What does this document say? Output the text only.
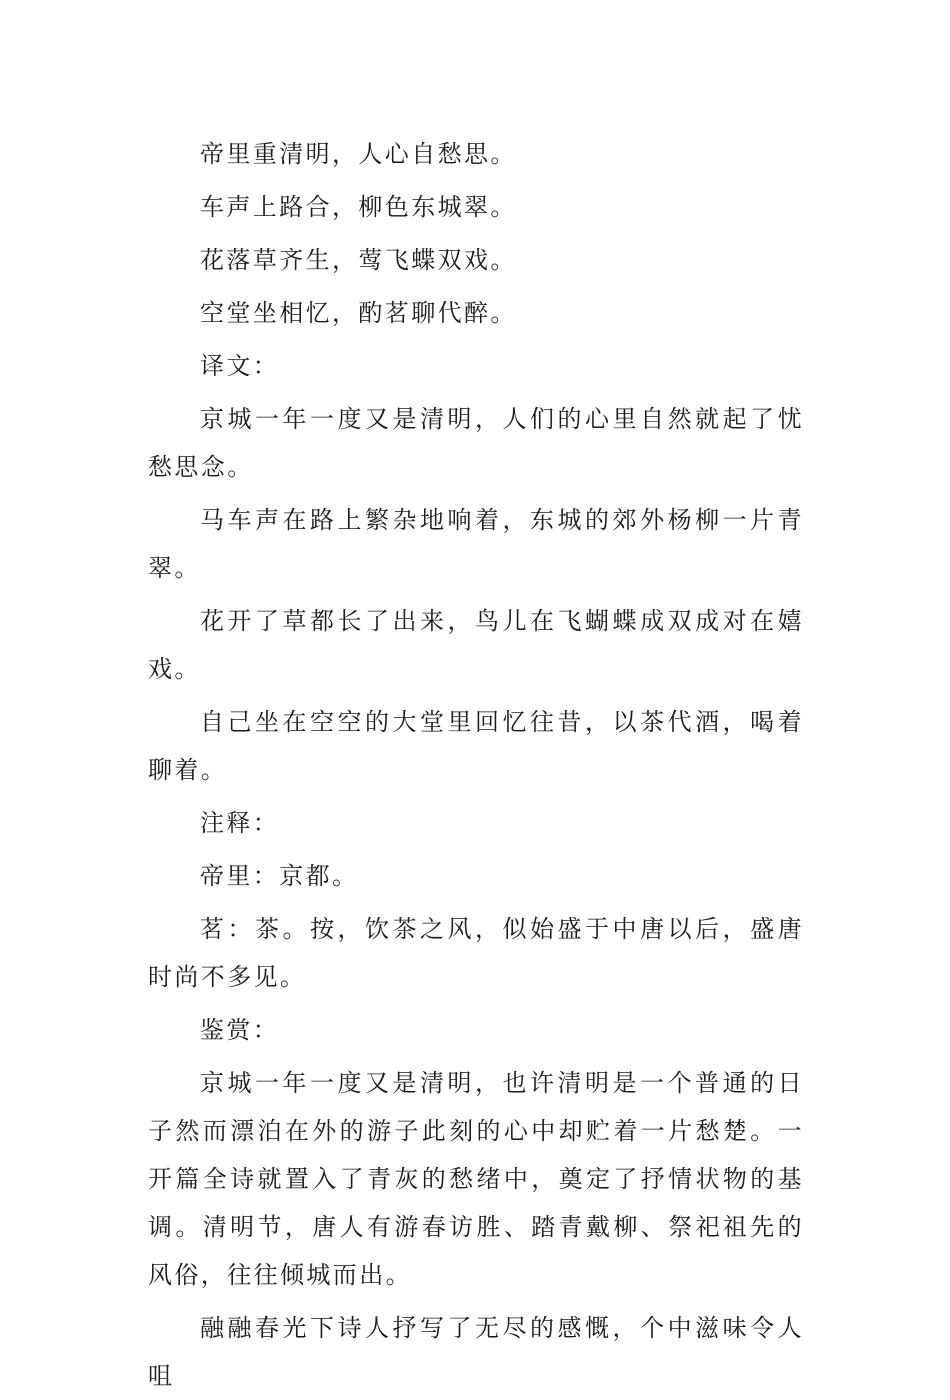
帝里重清明，人心自愁思。

车声上路合，柳色东城翠。

花落草齐生，莺飞蝶双戏。

空堂坐相忆，酌茗聊代醉。

译文：

京城一年一度又是清明，人们的心里自然就起了忧愁思念。

马车声在路上繁杂地响着，东城的郊外杨柳一片青翠。

花开了草都长了出来，鸟儿在飞蝴蝶成双成对在嬉戏。

自己坐在空空的大堂里回忆往昔，以茶代酒，喝着聊着。

注释：

帝里：京都。

茗：茶。按，饮茶之风，似始盛于中唐以后，盛唐时尚不多见。

鉴赏：

京城一年一度又是清明，也许清明是一个普通的日子然而漂泊在外的游子此刻的心中却贮着一片愁楚。一开篇全诗就置入了青灰的愁绪中，奠定了抒情状物的基调。清明节，唐人有游春访胜、踏青戴柳、祭祀祖先的风俗，往往倾城而出。

融融春光下诗人抒写了无尽的感慨，个中滋味令人咀
